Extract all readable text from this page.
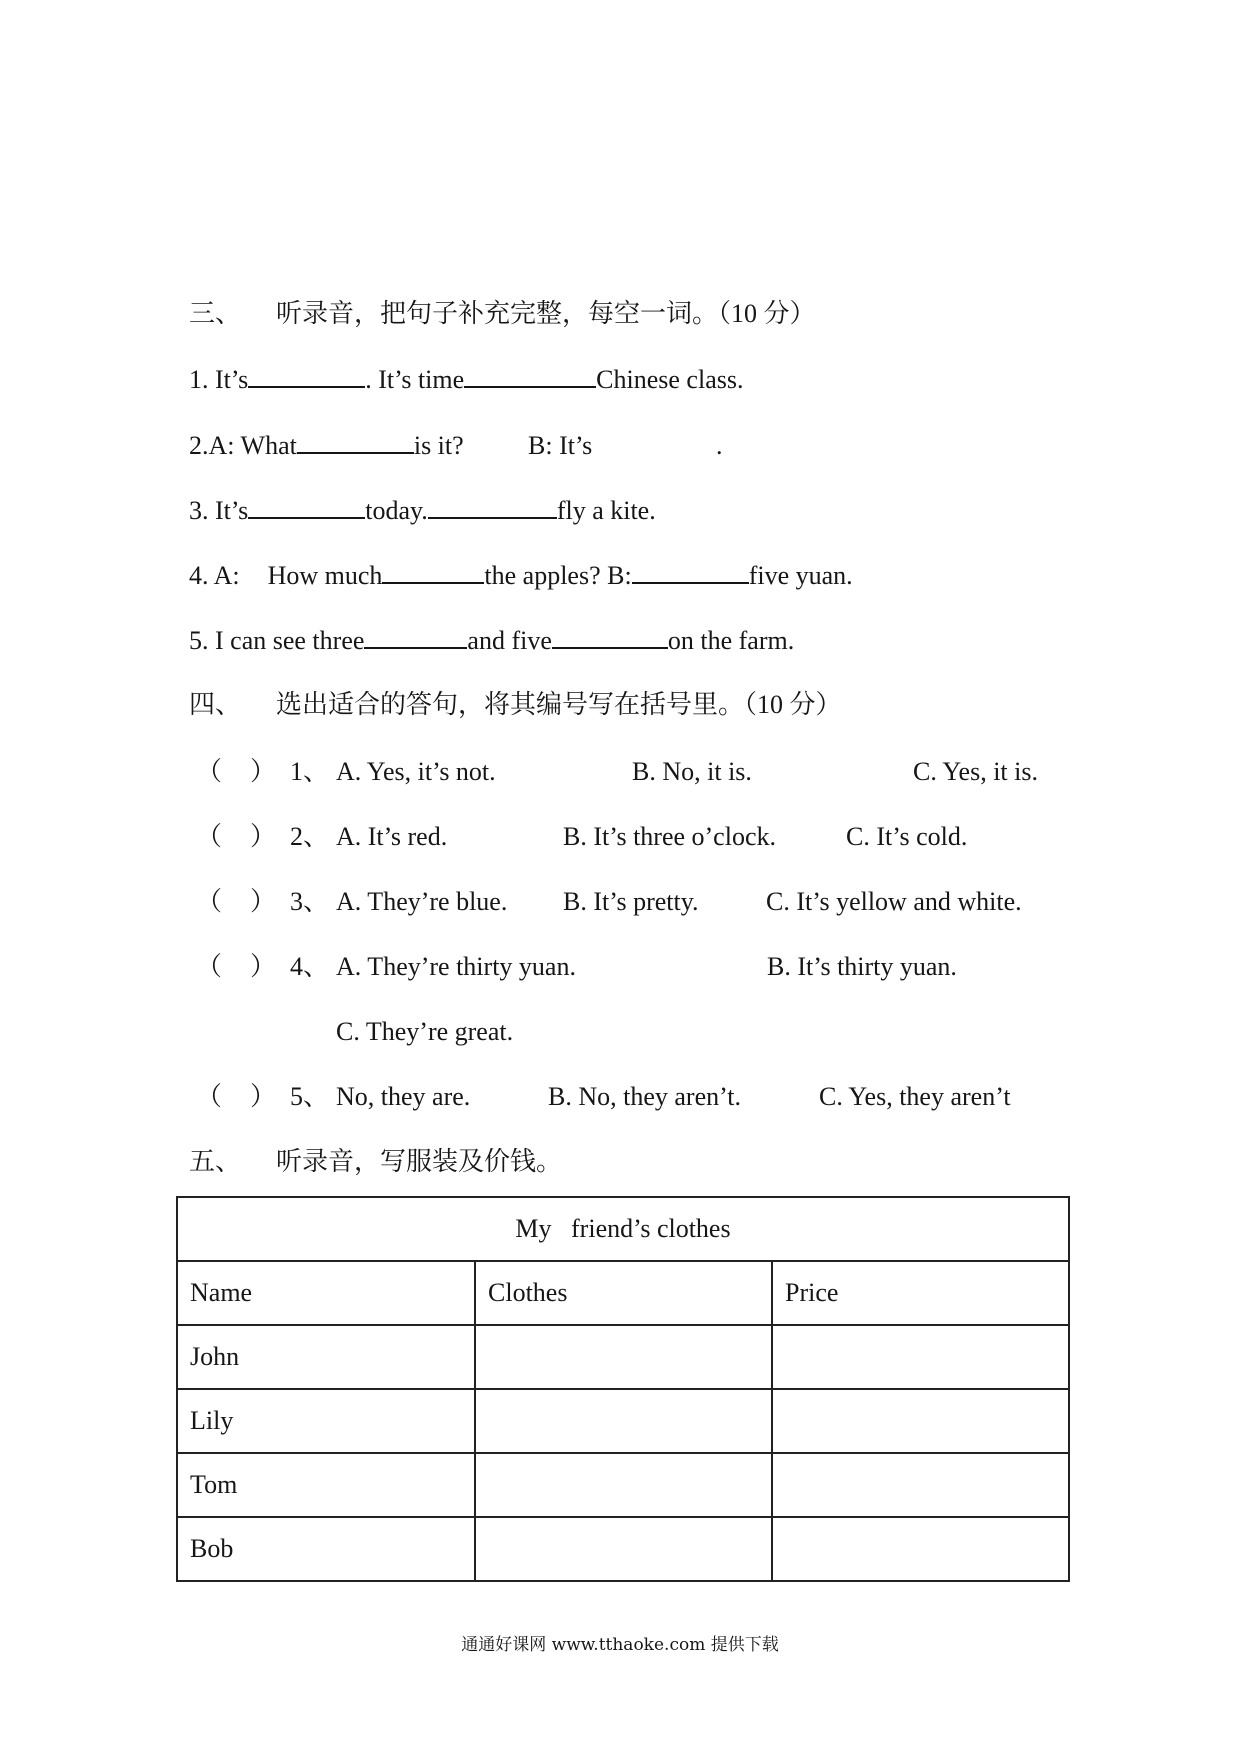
三、 听录音，把句子补充完整，每空一词。（10 分）
1. It’s	. It’s time	Chinese class.
2.A: What	is it? B: It’s	.
3. It’s	today.	fly a kite.
4. A: How much	the apples? B:	five yuan.
5. I can see three	and five	on the farm.
四、 选出适合的答句，将其编号写在括号里。（10 分）
（ ） 1、 A. Yes, it’s not.	B. No, it is.	C. Yes, it is.
（ ） 2、 A. It’s red.	B. It’s three o’clock.	C. It’s cold.
（ ） 3、 A. They’re blue. B. It’s pretty.	C. It’s yellow and white.
（ ） 4、 A. They’re thirty yuan.	B. It’s thirty yuan.
C. They’re great.
（ ） 5、 No, they are.	B. No, they aren’t.	C. Yes, they aren’t
五、 听录音，写服装及价钱。
My   friend’s clothes		
Name	Clothes	Price
John		
Lily		
Tom		
Bob		
通通好课网 www.tthaoke.com 提供下载
